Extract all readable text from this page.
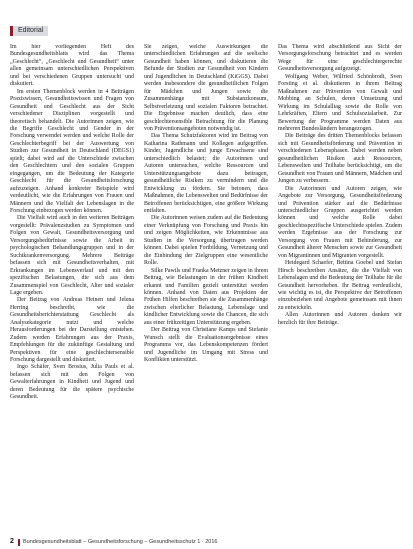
Editorial

Im hier vorliegenden Heft des Bundesgesundheitsblatts wird das Thema „Geschlecht“, „Geschlecht und Gesundheit“ unter allen gemeinsam unterschiedlichen Perspektiven und bei verschiedenen Gruppen untersucht und diskutiert.

Im ersten Themenblock werden in 4 Beiträgen Praxiswissen, Gesundheitswissen und Fragen von Gesundheit und Geschlecht aus der Sicht verschiedener Disziplinen vorgestellt und theoretisch behandelt. Die Autorinnen zeigen, wie die Begriffe Geschlecht und Gender in der Forschung verwendet werden und welche Rolle der Geschlechterbegriff bei der Auswertung von Studien zur Gesundheit in Deutschland (DEGS1) spielt; dabei wird auf die Unterschiede zwischen den Geschlechtern und den sozialen Gruppen eingegangen, um die Bedeutung der Kategorie Geschlecht für die Gesundheitsforschung aufzuzeigen. Anhand konkreter Beispiele wird verdeutlicht, wie die Erfahrungen von Frauen und Männern und die Vielfalt der Lebenslagen in die Forschung einbezogen werden können.

Die Vielfalt wird auch in den weiteren Beiträgen vorgestellt: Prävalenzstudien zu Symptomen und Folgen von Gewalt, Gesundheitsversorgung und Versorgungsbedürfnisse sowie die Arbeit in psychologischen Behandlungsgruppen und in der Suchtkrankenversorgung. Mehrere Beiträge befassen sich mit Gesundheitsverhalten, mit Erkrankungen im Lebensverlauf und mit den spezifischen Belastungen, die sich aus dem Zusammenspiel von Geschlecht, Alter und sozialer Lage ergeben.

Der Beitrag von Andreas Heinen und Jelena Herring beschreibt, wie die Gesundheitsberichterstattung Geschlecht als Analysekategorie nutzt und welche Herausforderungen bei der Darstellung entstehen. Zudem werden Erfahrungen aus der Praxis, Empfehlungen für die zukünftige Gestaltung und Perspektiven für eine geschlechtersensible Forschung dargestellt und diskutiert.

Ingo Schäfer, Sven Brosius, Julia Pauls et al. befassen sich mit den Folgen von Gewalterfahrungen in Kindheit und Jugend und deren Bedeutung für die spätere psychische Gesundheit.

Sie zeigen, welche Auswirkungen die unterschiedlichen Erfahrungen auf die seelische Gesundheit haben können, und diskutieren die Befunde der Studien zur Gesundheit von Kindern und Jugendlichen in Deutschland (KiGGS). Dabei werden insbesondere die gesundheitlichen Folgen für Mädchen und Jungen sowie die Zusammenhänge mit Substanzkonsum, Selbstverletzung und sozialen Faktoren betrachtet. Die Ergebnisse machen deutlich, dass eine geschlechtersensible Betrachtung für die Planung von Präventionsangeboten notwendig ist.

Das Thema Schutzfaktoren wird im Beitrag von Katharina Rathmann und Kollegen aufgegriffen. Kinder, Jugendliche und junge Erwachsene sind unterschiedlich belastet; die Autorinnen und Autoren untersuchen, welche Ressourcen und Unterstützungsangebote dazu beitragen, gesundheitliche Risiken zu vermindern und die Entwicklung zu fördern. Sie betonen, dass Maßnahmen, die Lebenswelten und Bedürfnisse der Betroffenen berücksichtigen, eine größere Wirkung entfalten.

Die Autorinnen weisen zudem auf die Bedeutung einer Verknüpfung von Forschung und Praxis hin und zeigen Möglichkeiten, wie Erkenntnisse aus Studien in die Versorgung übertragen werden können. Dabei spielen Fortbildung, Vernetzung und die Einbindung der Zielgruppen eine wesentliche Rolle.

Silke Pawils und Franka Metzner zeigen in ihrem Beitrag, wie Belastungen in der frühen Kindheit erkannt und Familien gezielt unterstützt werden können. Anhand von Daten aus Projekten der Frühen Hilfen beschreiben sie die Zusammenhänge zwischen elterlicher Belastung, Lebenslage und kindlicher Entwicklung sowie die Chancen, die sich aus einer frühzeitigen Unterstützung ergeben.

Der Beitrag von Christiane Kamps und Stefanie Wunsch stellt die Evaluationsergebnisse eines Programms vor, das Lebenskompetenzen fördert und Jugendliche im Umgang mit Stress und Konflikten unterstützt.

Das Thema wird abschließend aus Sicht der Versorgungsforschung betrachtet und es werden Wege für eine geschlechtergerechte Gesundheitsversorgung aufgezeigt.

Wolfgang Weber, Wilfried Schönbrodt, Sven Forsting et al. diskutieren in ihrem Beitrag Maßnahmen zur Prävention von Gewalt und Mobbing an Schulen, deren Umsetzung und Wirkung im Schulalltag sowie die Rolle von Lehrkräften, Eltern und Schulsozialarbeit. Zur Bewertung der Programme werden Daten aus mehreren Bundesländern herangezogen.

Die Beiträge des dritten Themenblocks befassen sich mit Gesundheitsförderung und Prävention in verschiedenen Lebensphasen. Dabei werden neben gesundheitlichen Risiken auch Ressourcen, Lebenswelten und Teilhabe berücksichtigt, um die Gesundheit von Frauen und Männern, Mädchen und Jungen zu verbessern.

Die Autorinnen und Autoren zeigen, wie Angebote zur Versorgung, Gesundheitsförderung und Prävention stärker auf die Bedürfnisse unterschiedlicher Gruppen ausgerichtet werden können und welche Rolle dabei geschlechtsspezifische Unterschiede spielen. Zudem werden Ergebnisse aus der Forschung zur Versorgung von Frauen mit Behinderung, zur Gesundheit älterer Menschen sowie zur Gesundheit von Migrantinnen und Migranten vorgestellt.

Heidegard Schaefer, Bettina Goebel und Stefan Hirsch beschreiben Ansätze, die die Vielfalt von Lebenslagen und die Bedeutung der Teilhabe für die Gesundheit hervorheben. Ihr Beitrag verdeutlicht, wie wichtig es ist, die Perspektive der Betroffenen einzubeziehen und Angebote gemeinsam mit ihnen zu entwickeln.

Allen Autorinnen und Autoren danken wir herzlich für ihre Beiträge.

2 Bundesgesundheitsblatt – Gesundheitsforschung – Gesundheitsschutz 1 · 2016
